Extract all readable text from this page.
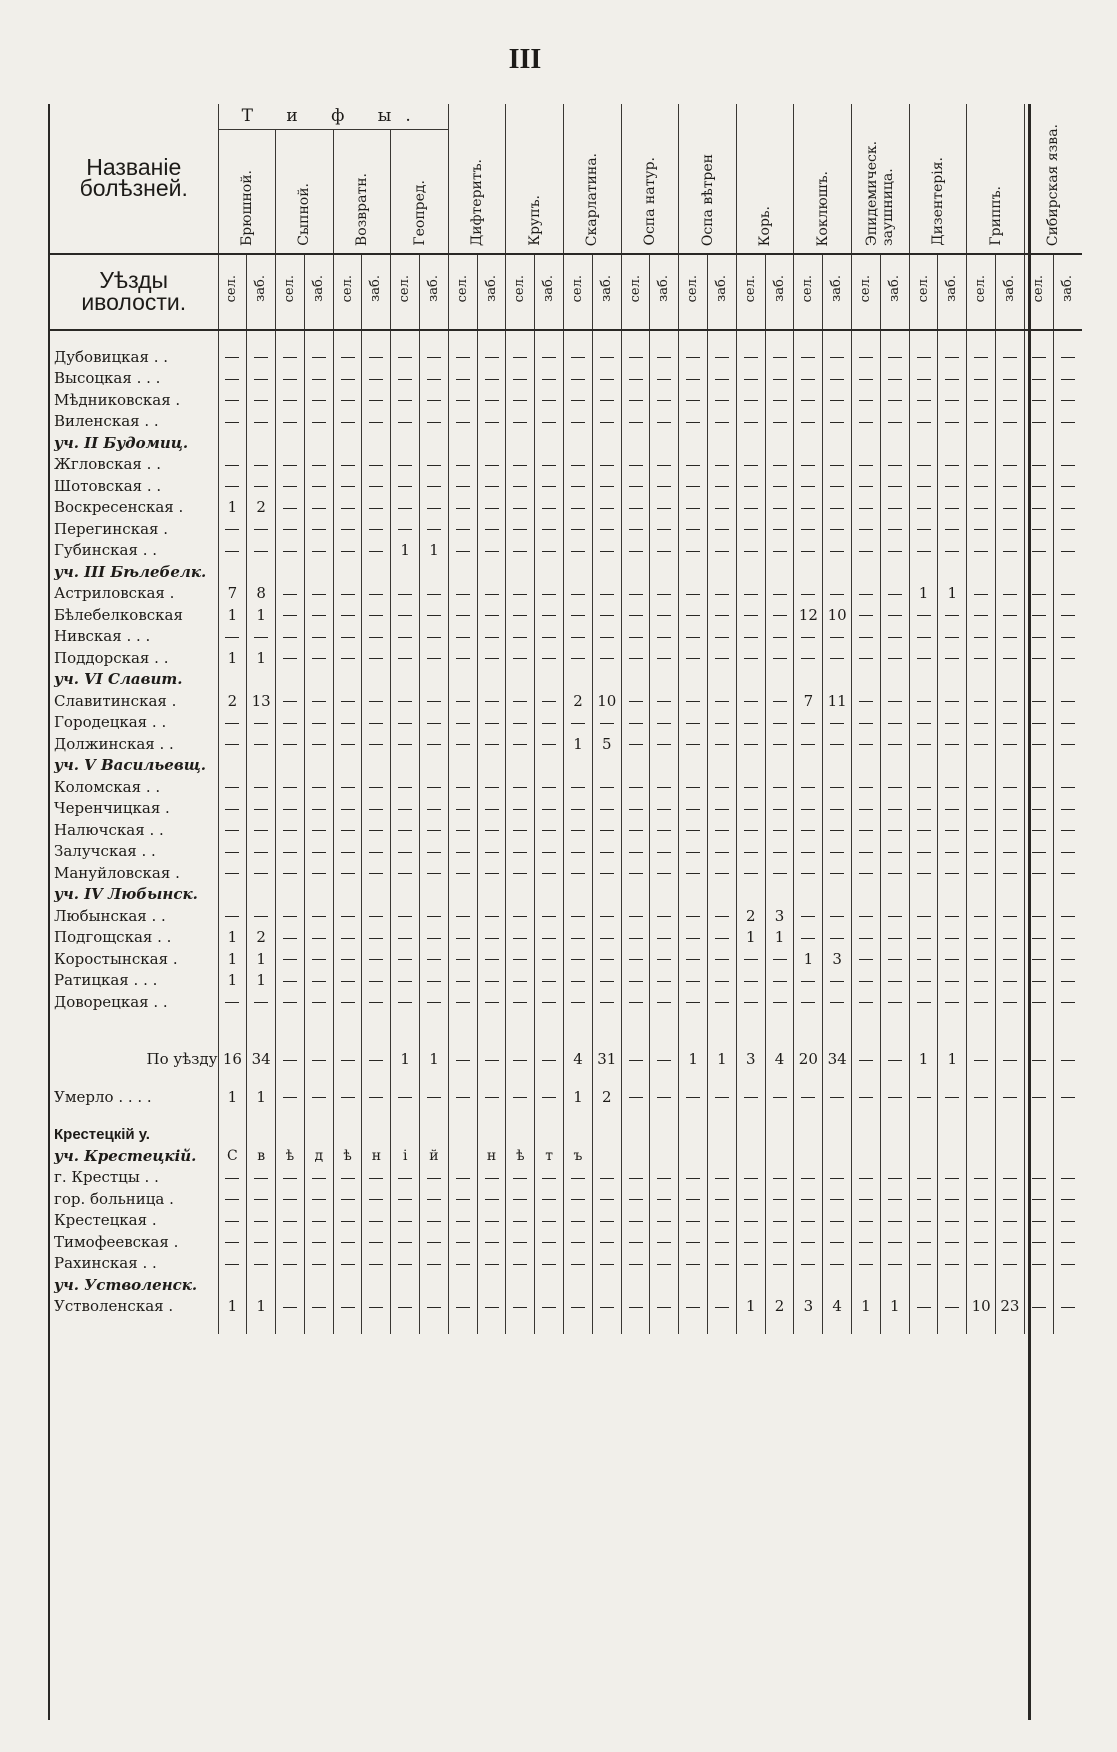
III
Названіе
болѣзней.	Т и ф ы.								Дифтеритъ.		Крупъ.		Скарлатина.		Оспа натур.		Оспа вѣтрен		Корь.		Коклюшъ.		Эпидемическ. заушница.		Дизентерія.		Гриппъ.		Сибирская язва.	
	Брюшной.		Сыпной.		Возвратн.		Геопред.																							
Уѣзды иволости.	сел.	заб.	сел.	заб.	сел.	заб.	сел.	заб.	сел.	заб.	сел.	заб.	сел.	заб.	сел.	заб.	сел.	заб.	сел.	заб.	сел.	заб.	сел.	заб.	сел.	заб.	сел.	заб.	сел.	заб.

Дубовицкая . .																														
Высоцкая . . .																														
Мѣдниковская .																														
Виленская . .																														
уч. II Будомиц.																														
Жгловская . .																														
Шотовская . .																														
Воскресенская .	1	2																												
Перегинская .																														
Губинская . .							1	1																						
уч. III Бѣлебелк.																														
Астриловская .	7	8																							1	1				
Бѣлебелковская	1	1																			12	10								
Нивская . . .																														
Поддорская . .	1	1																												
уч. VI Славит.																														
Славитинская .	2	13											2	10							7	11								
Городецкая . .																														
Должинская . .													1	5																
уч. V Васильевщ.																														
Коломская . .																														
Черенчицкая .																														
Налючская . .																														
Залучская . .																														
Мануйловская .																														
уч. IV Любынск.																														
Любынская . .																			2	3										
Подгощская . .	1	2																	1	1										
Коростынская .	1	1																			1	3								
Ратицкая . . .	1	1																												
Доворецкая . .																														

По уѣзду	16	34					1	1					4	31			1	1	3	4	20	34			1	1				

Умерло . . . .	1	1											1	2																

Крестецкій у.																														
уч. Крестецкій.	С	в	ѣ	д	ѣ	н	і	й		н	ѣ	т	ъ																	
г. Крестцы . .																														
гор. больница .																														
Крестецкая .																														
Тимофеевская .																														
Рахинская . .																														
уч. Устволенск.																														
Устволенская .	1	1																	1	2	3	4	1	1			10	23		
